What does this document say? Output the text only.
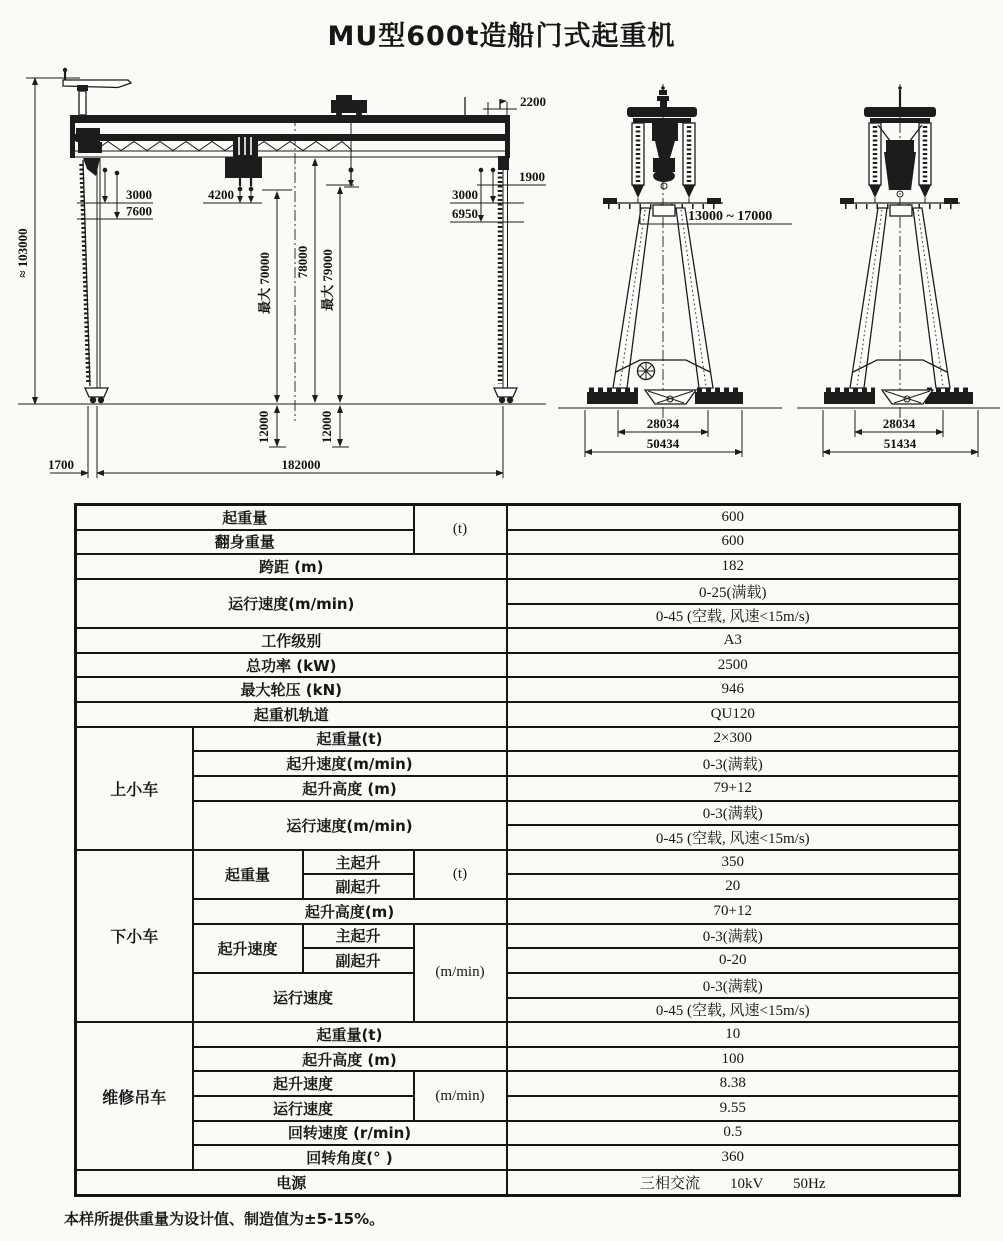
MU型600t造船门式起重机
≈ 103000
3000
7600
4200
最大 70000 78000 最大 79000
12000	12000
2200
1900
3000
6950
1700	182000
13000 ~ 17000
28034
50434
28034
51434
起重量			(t)	600
翻身重量				600
跨距 (m)				182
运行速度(m/min)				0-25(满载)
				0-45 (空载, 风速<15m/s)
工作级别				A3
总功率 (kW)				2500
最大轮压 (kN)				946
起重机轨道				QU120
上小车	起重量(t)			2×300
	起升速度(m/min)			0-3(满载)
	起升高度 (m)			79+12
	运行速度(m/min)			0-3(满载)
				0-45 (空载, 风速<15m/s)
下小车	起重量	主起升	(t)	350
		副起升		20
	起升高度(m)			70+12
	起升速度	主起升	(m/min)	0-3(满载)
		副起升		0-20
	运行速度			0-3(满载)
				0-45 (空载, 风速<15m/s)
维修吊车	起重量(t)			10
	起升高度 (m)			100
	起升速度		(m/min)	8.38
	运行速度			9.55
	回转速度 (r/min)			0.5
	回转角度(° )			360
电源				三相交流　　10kV　　50Hz
本样所提供重量为设计值、制造值为±5-15%。
